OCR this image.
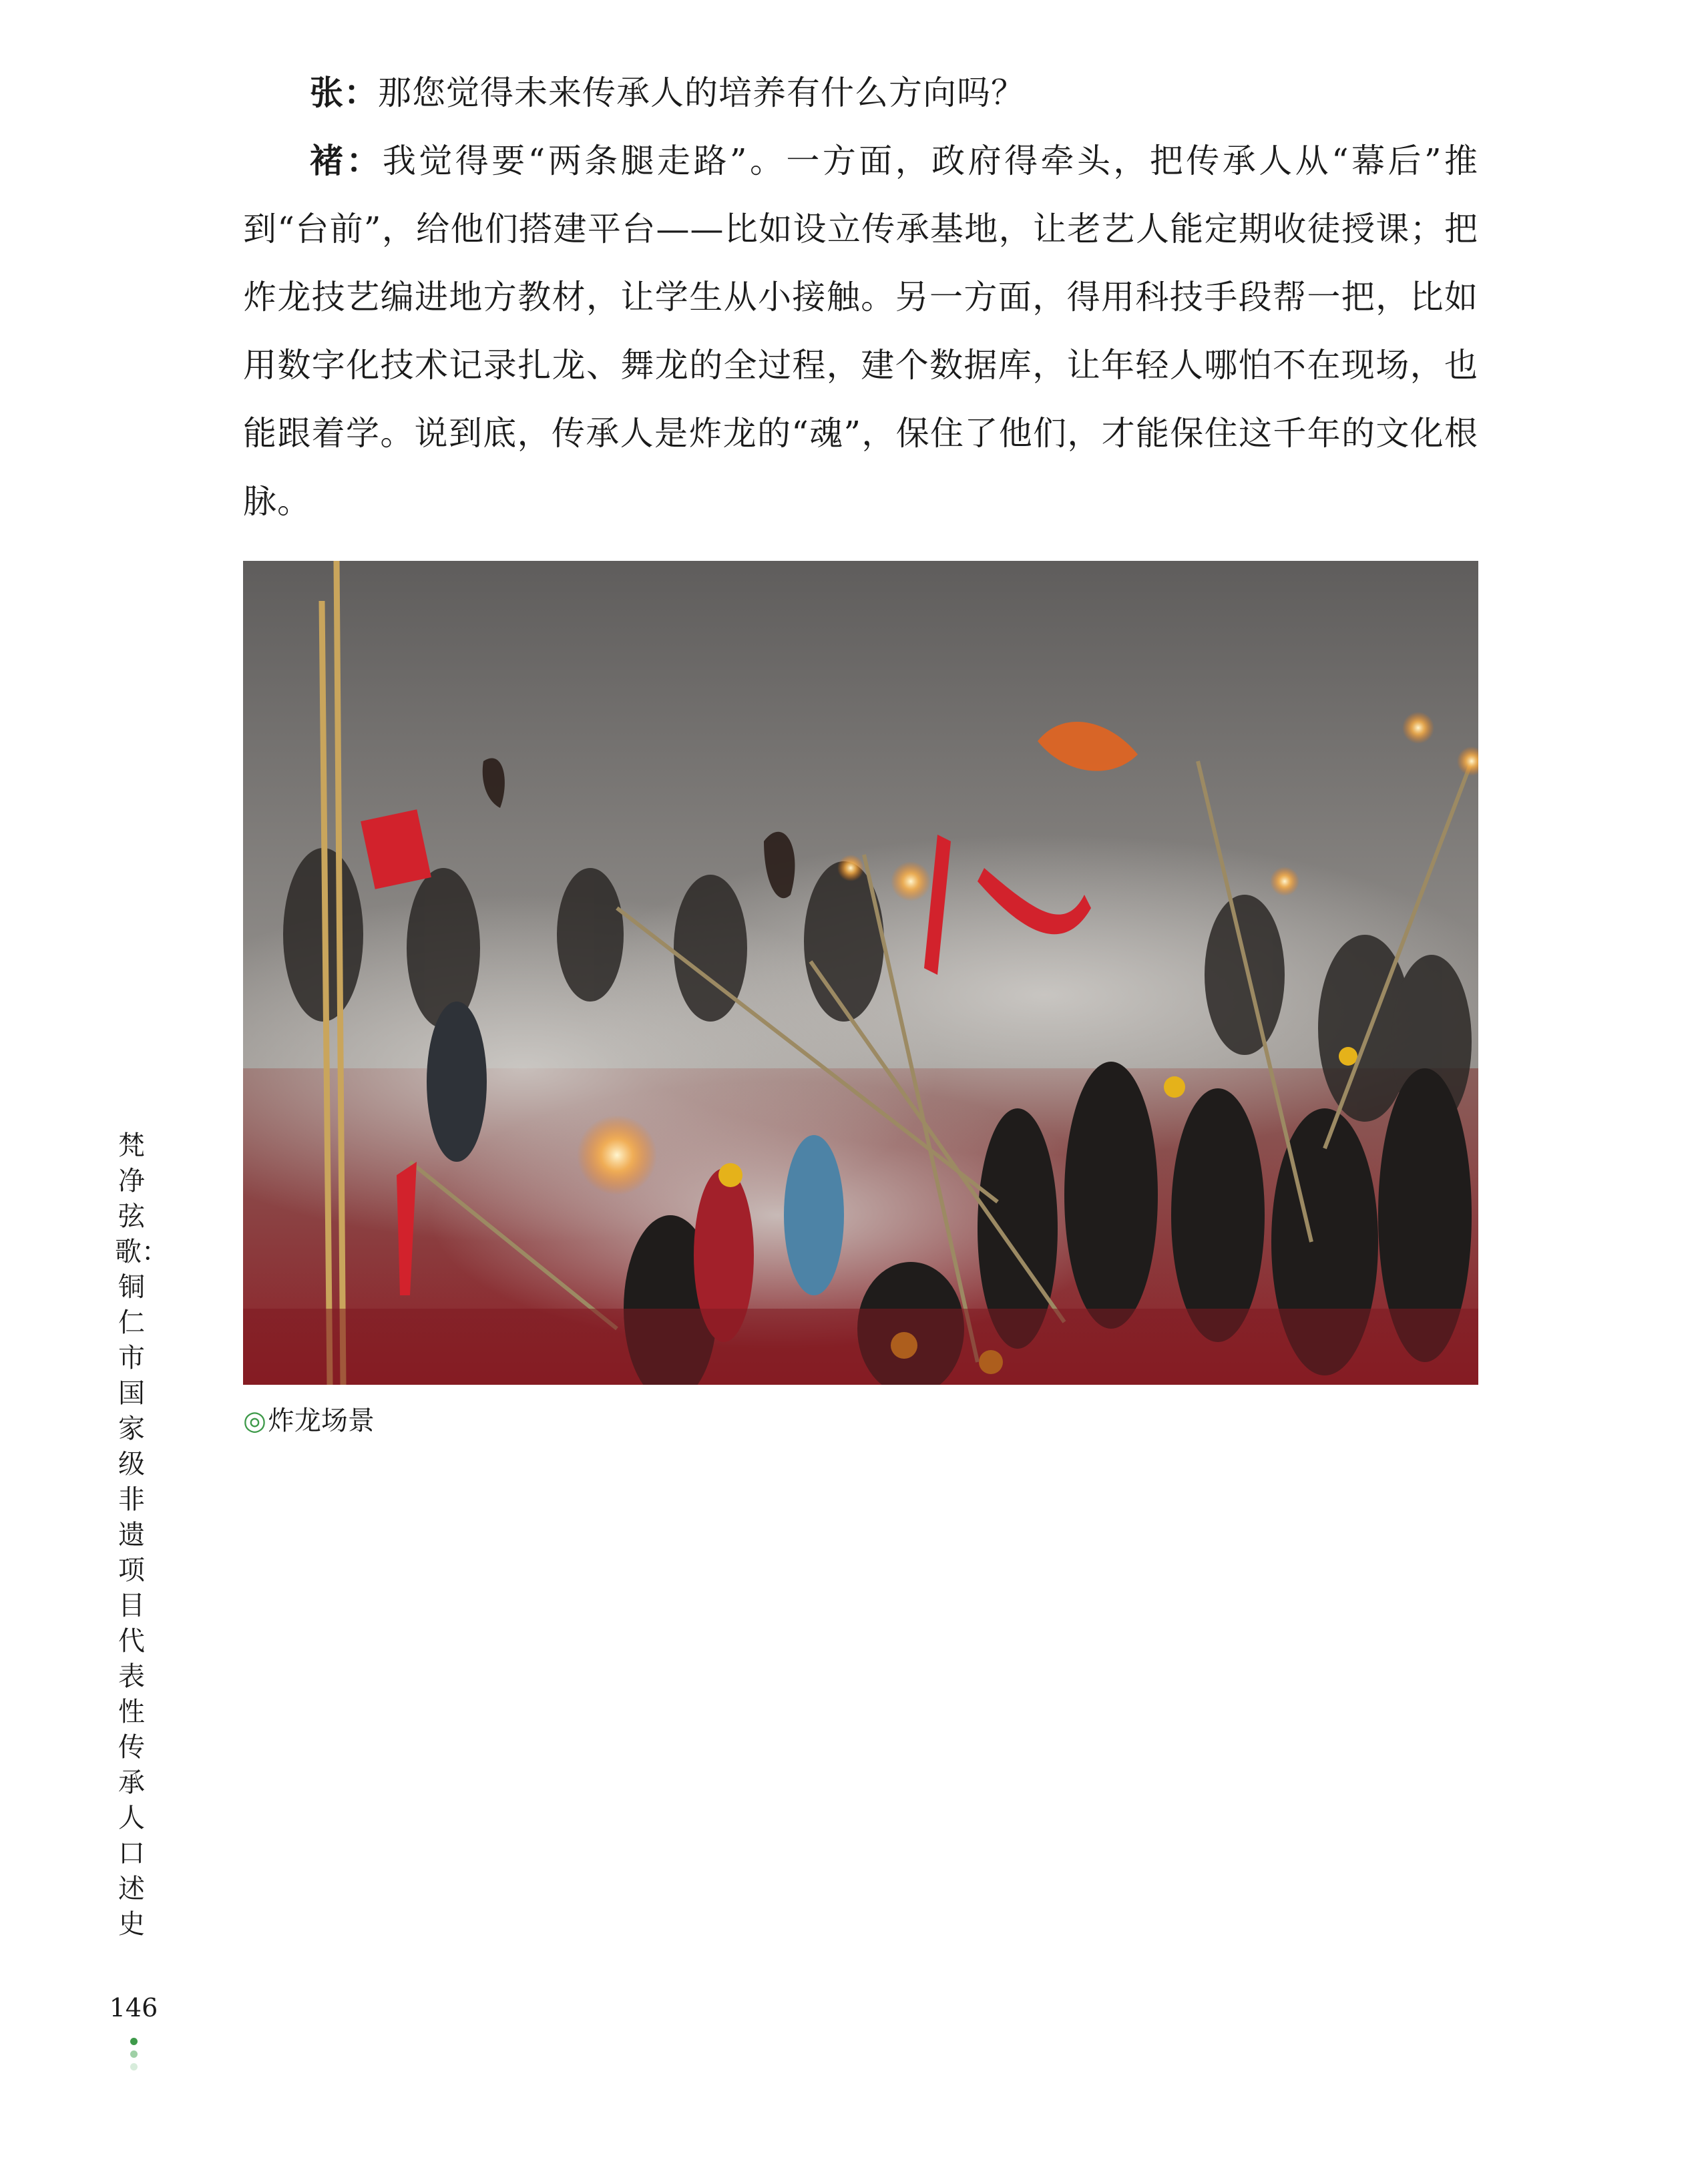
张：那您觉得未来传承人的培养有什么方向吗？

褚：我觉得要“两条腿走路”。一方面，政府得牵头，把传承人从“幕后”推到“台前”，给他们搭建平台——比如设立传承基地，让老艺人能定期收徒授课；把炸龙技艺编进地方教材，让学生从小接触。另一方面，得用科技手段帮一把，比如用数字化技术记录扎龙、舞龙的全过程，建个数据库，让年轻人哪怕不在现场，也能跟着学。说到底，传承人是炸龙的“魂”，保住了他们，才能保住这千年的文化根脉。

◎炸龙场景
梵净弦歌：铜仁市国家级非遗项目代表性传承人口述史
146
